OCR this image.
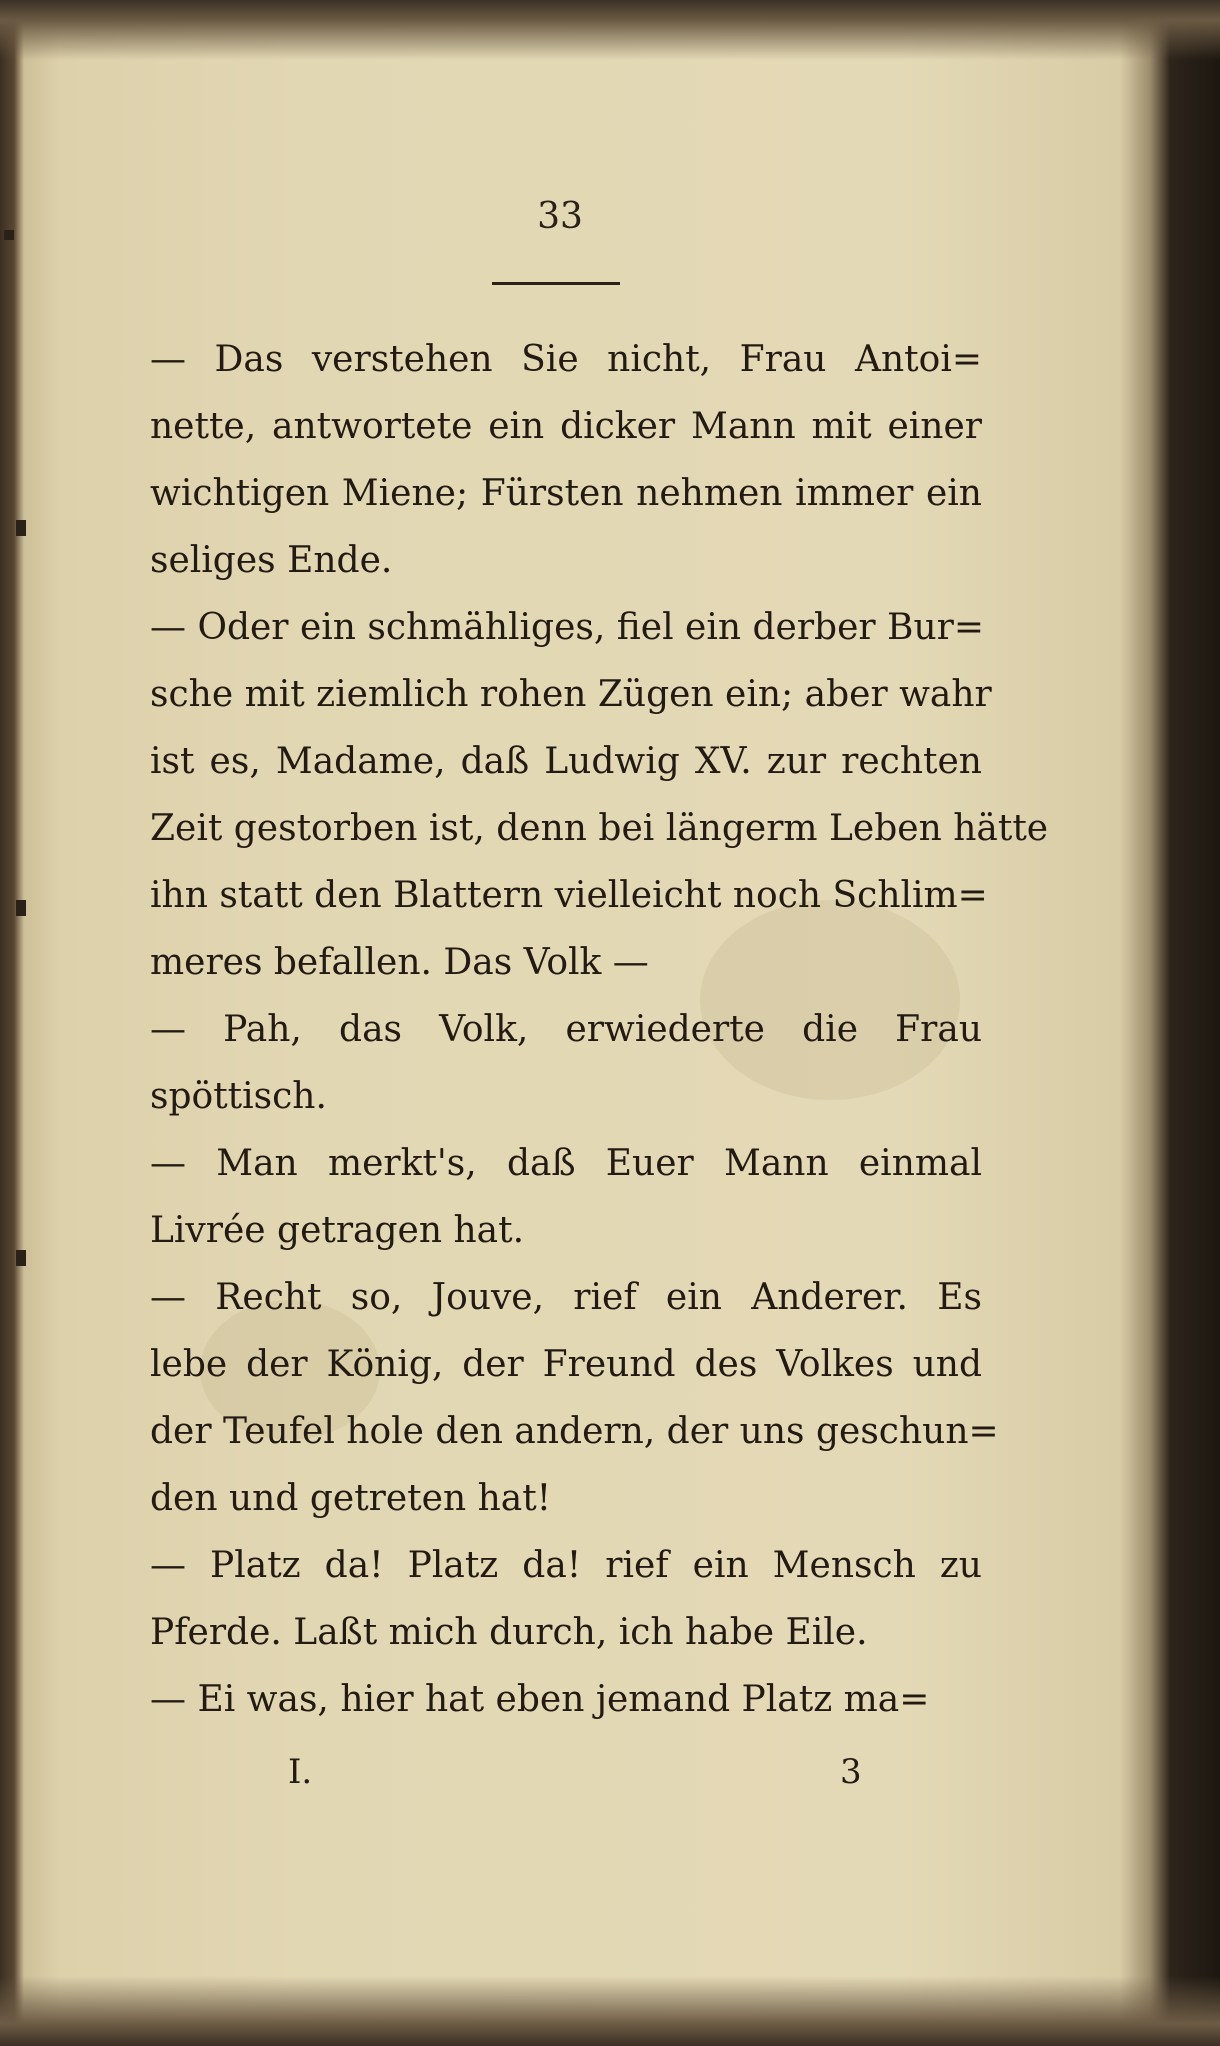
33
— Das verstehen Sie nicht, Frau Antoi=
nette, antwortete ein dicker Mann mit einer
wichtigen Miene; Fürsten nehmen immer ein
seliges Ende.
— Oder ein schmähliges, fiel ein derber Bur=
sche mit ziemlich rohen Zügen ein; aber wahr
ist es, Madame, daß Ludwig XV. zur rechten
Zeit gestorben ist, denn bei längerm Leben hätte
ihn statt den Blattern vielleicht noch Schlim=
meres befallen. Das Volk —
— Pah, das Volk, erwiederte die Frau
spöttisch.
— Man merkt's, daß Euer Mann einmal
Livrée getragen hat.
— Recht so, Jouve, rief ein Anderer. Es
lebe der König, der Freund des Volkes und
der Teufel hole den andern, der uns geschun=
den und getreten hat!
— Platz da! Platz da! rief ein Mensch zu
Pferde. Laßt mich durch, ich habe Eile.
— Ei was, hier hat eben jemand Platz ma=
I.	3
